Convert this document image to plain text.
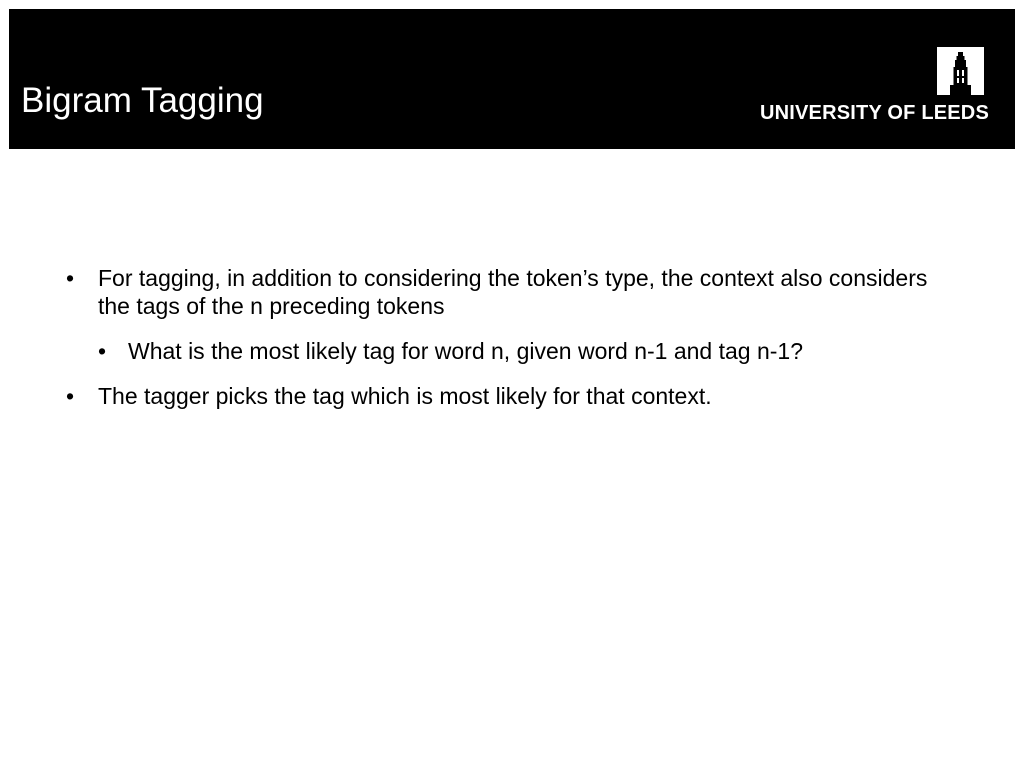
Bigram Tagging	UNIVERSITY OF LEEDS
• For tagging, in addition to considering the token’s type, the context also considers the tags of the n preceding tokens
• What is the most likely tag for word n, given word n-1 and tag n-1?
• The tagger picks the tag which is most likely for that context.
